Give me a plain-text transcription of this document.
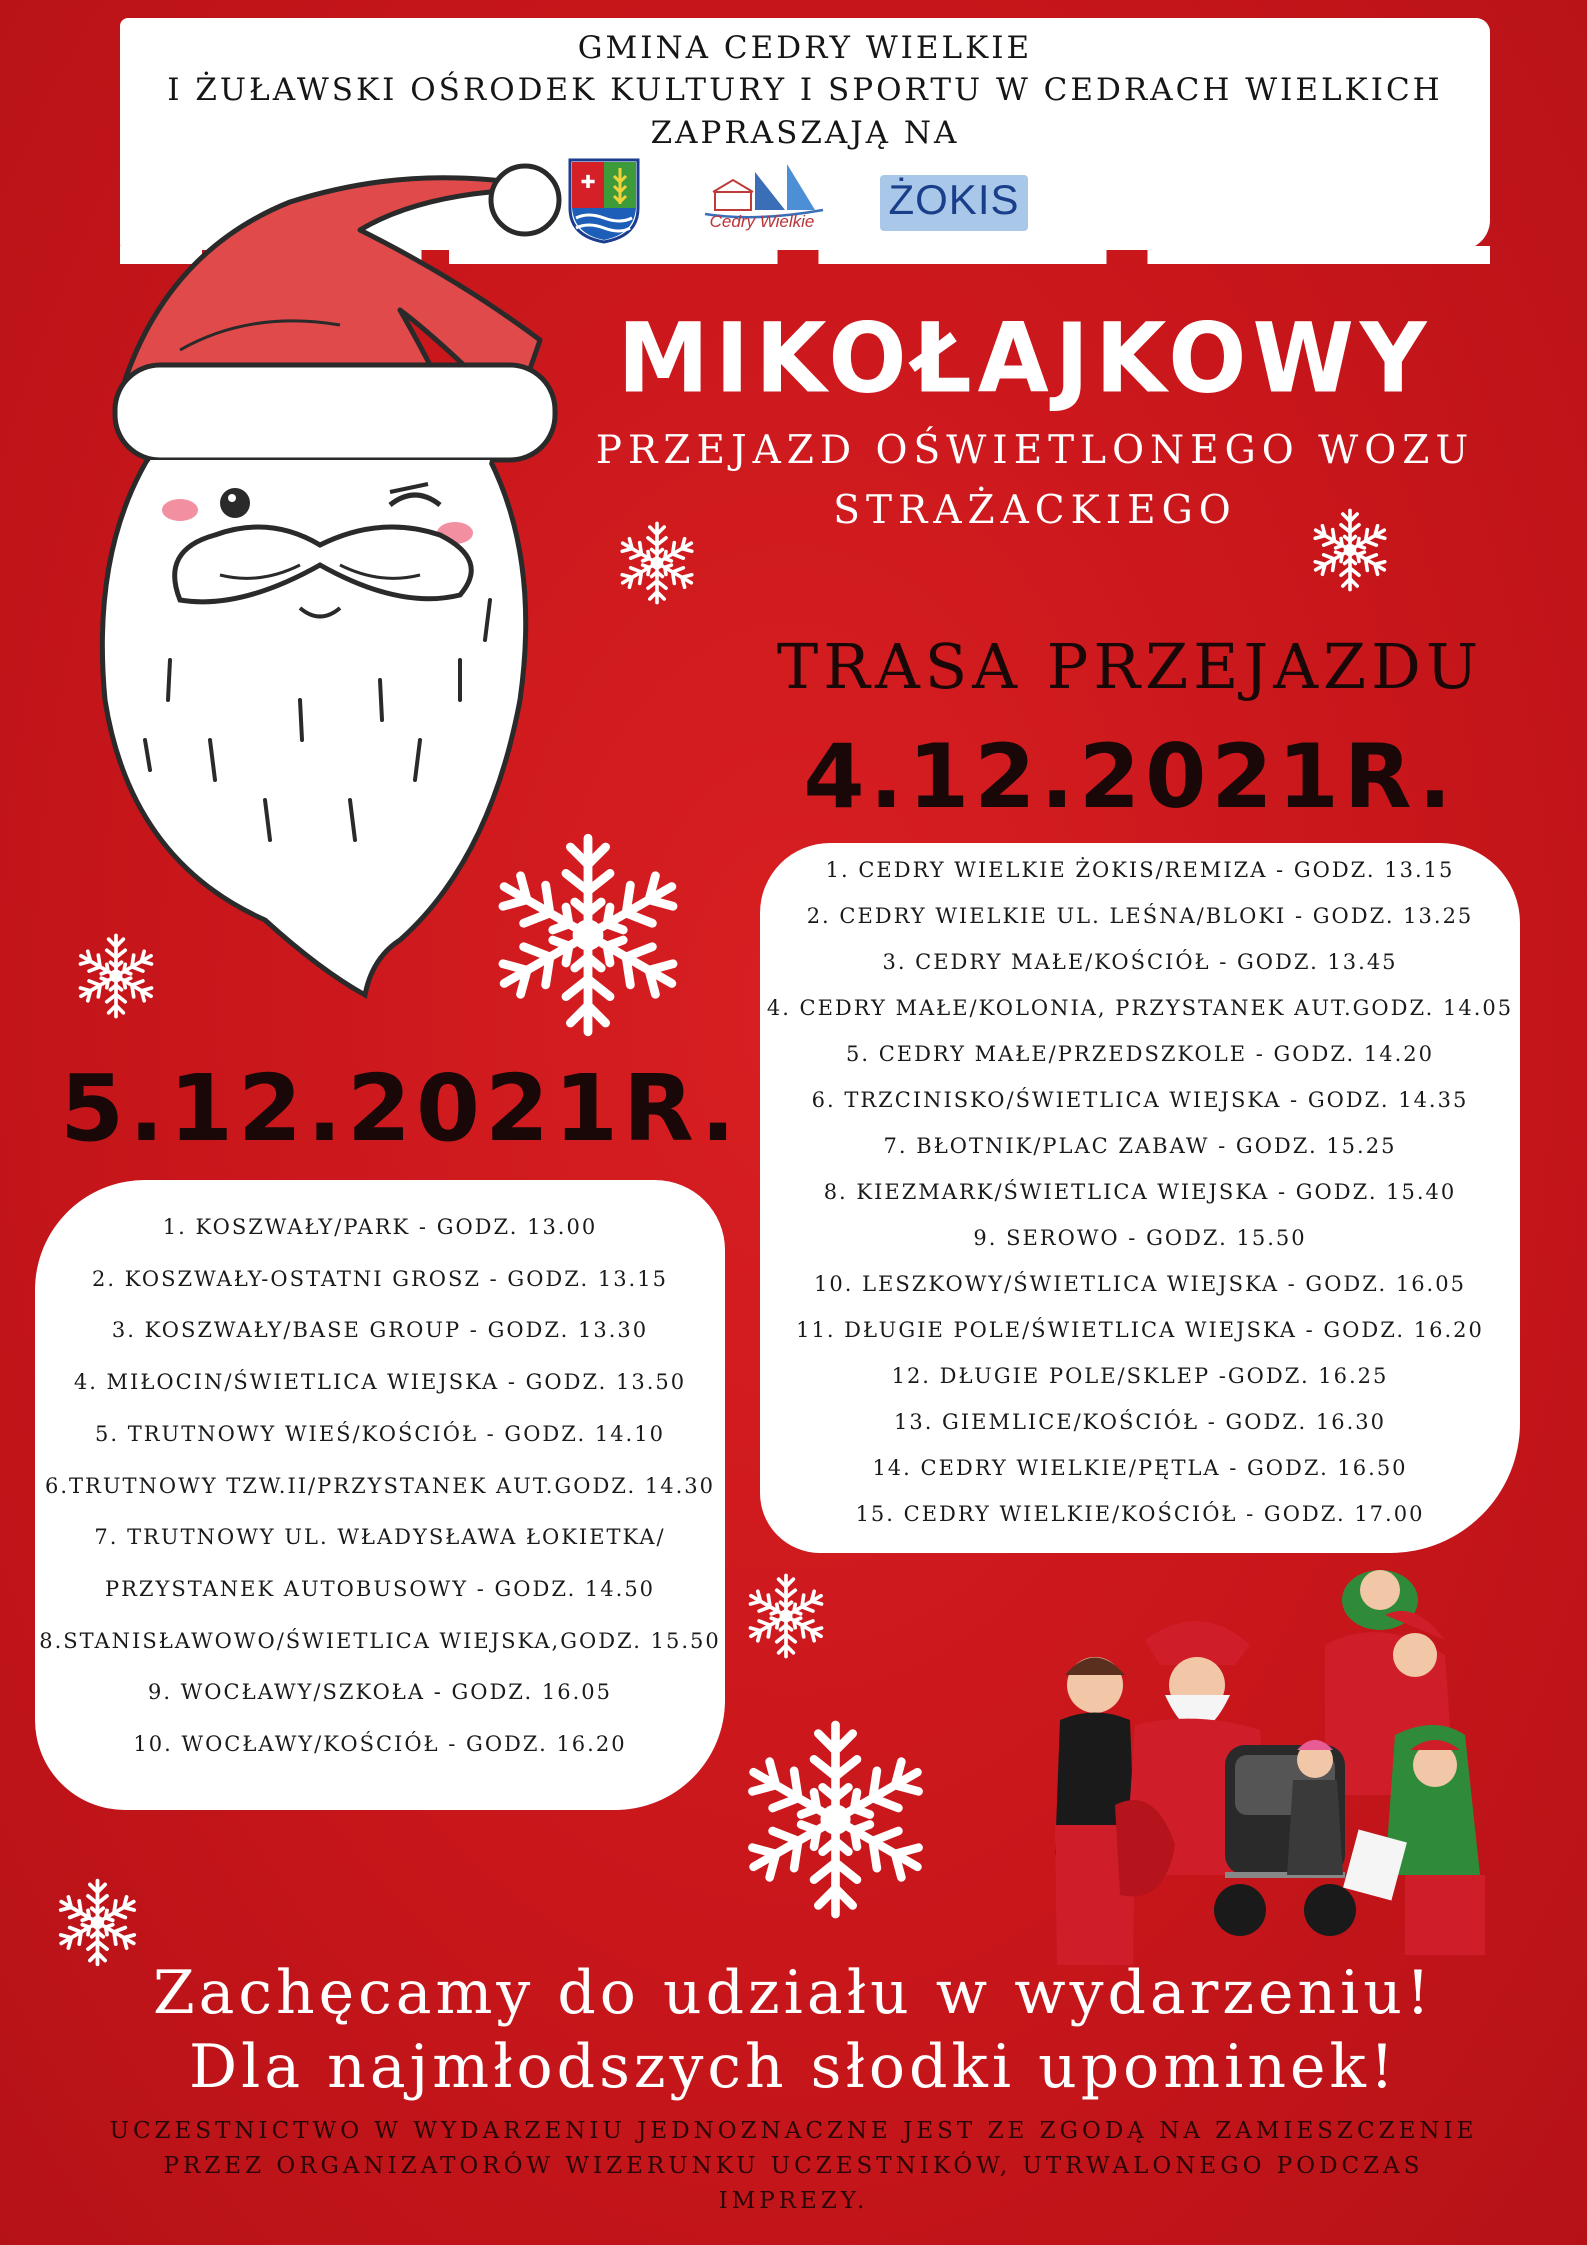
GMINA CEDRY WIELKIE
I ŻUŁAWSKI OŚRODEK KULTURY I SPORTU W CEDRACH WIELKICH
ZAPRASZAJĄ NA
✚
Cedry Wielkie	ŻOKIS
MIKOŁAJKOWY
PRZEJAZD OŚWIETLONEGO WOZU
STRAŻACKIEGO
TRASA PRZEJAZDU
4.12.2021R.
5.12.2021R.
1. CEDRY WIELKIE ŻOKIS/REMIZA - GODZ. 13.15
2. CEDRY WIELKIE UL. LEŚNA/BLOKI - GODZ. 13.25
3. CEDRY MAŁE/KOŚCIÓŁ - GODZ. 13.45
4. CEDRY MAŁE/KOLONIA, PRZYSTANEK AUT.GODZ. 14.05
5. CEDRY MAŁE/PRZEDSZKOLE - GODZ. 14.20
6. TRZCINISKO/ŚWIETLICA WIEJSKA - GODZ. 14.35
7. BŁOTNIK/PLAC ZABAW - GODZ. 15.25
8. KIEZMARK/ŚWIETLICA WIEJSKA - GODZ. 15.40
9. SEROWO - GODZ. 15.50
10. LESZKOWY/ŚWIETLICA WIEJSKA - GODZ. 16.05
11. DŁUGIE POLE/ŚWIETLICA WIEJSKA - GODZ. 16.20
12. DŁUGIE POLE/SKLEP -GODZ. 16.25
13. GIEMLICE/KOŚCIÓŁ - GODZ. 16.30
14. CEDRY WIELKIE/PĘTLA - GODZ. 16.50
15. CEDRY WIELKIE/KOŚCIÓŁ - GODZ. 17.00
1. KOSZWAŁY/PARK - GODZ. 13.00
2. KOSZWAŁY-OSTATNI GROSZ - GODZ. 13.15
3. KOSZWAŁY/BASE GROUP - GODZ. 13.30
4. MIŁOCIN/ŚWIETLICA WIEJSKA - GODZ. 13.50
5. TRUTNOWY WIEŚ/KOŚCIÓŁ - GODZ. 14.10
6.TRUTNOWY TZW.II/PRZYSTANEK AUT.GODZ. 14.30
7. TRUTNOWY UL. WŁADYSŁAWA ŁOKIETKA/
PRZYSTANEK AUTOBUSOWY - GODZ. 14.50
8.STANISŁAWOWO/ŚWIETLICA WIEJSKA,GODZ. 15.50
9. WOCŁAWY/SZKOŁA - GODZ. 16.05
10. WOCŁAWY/KOŚCIÓŁ - GODZ. 16.20
Zachęcamy do udziału w wydarzeniu!
Dla najmłodszych słodki upominek!
UCZESTNICTWO W WYDARZENIU JEDNOZNACZNE JEST ZE ZGODĄ NA ZAMIESZCZENIE
PRZEZ ORGANIZATORÓW WIZERUNKU UCZESTNIKÓW, UTRWALONEGO PODCZAS
IMPREZY.
